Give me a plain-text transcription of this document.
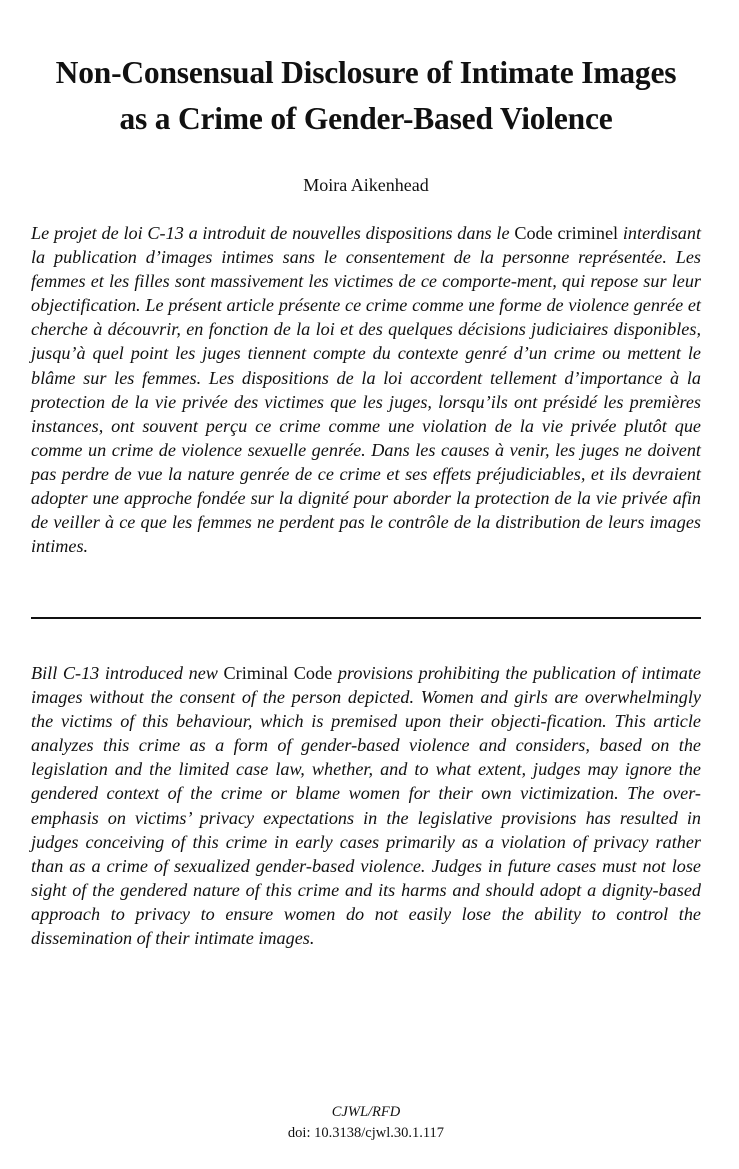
Non-Consensual Disclosure of Intimate Images
as a Crime of Gender-Based Violence
Moira Aikenhead

Le projet de loi C-13 a introduit de nouvelles dispositions dans le Code criminel interdisant la publication d’images intimes sans le consentement de la personne représentée. Les femmes et les filles sont massivement les victimes de ce comporte-ment, qui repose sur leur objectification. Le présent article présente ce crime comme une forme de violence genrée et cherche à découvrir, en fonction de la loi et des quelques décisions judiciaires disponibles, jusqu’à quel point les juges tiennent compte du contexte genré d’un crime ou mettent le blâme sur les femmes. Les dispositions de la loi accordent tellement d’importance à la protection de la vie privée des victimes que les juges, lorsqu’ils ont présidé les premières instances, ont souvent perçu ce crime comme une violation de la vie privée plutôt que comme un crime de violence sexuelle genrée. Dans les causes à venir, les juges ne doivent pas perdre de vue la nature genrée de ce crime et ses effets préjudiciables, et ils devraient adopter une approche fondée sur la dignité pour aborder la protection de la vie privée afin de veiller à ce que les femmes ne perdent pas le contrôle de la distribution de leurs images intimes.

Bill C-13 introduced new Criminal Code provisions prohibiting the publication of intimate images without the consent of the person depicted. Women and girls are overwhelmingly the victims of this behaviour, which is premised upon their objecti-fication. This article analyzes this crime as a form of gender-based violence and considers, based on the legislation and the limited case law, whether, and to what extent, judges may ignore the gendered context of the crime or blame women for their own victimization. The over-emphasis on victims’ privacy expectations in the legislative provisions has resulted in judges conceiving of this crime in early cases primarily as a violation of privacy rather than as a crime of sexualized gender-based violence. Judges in future cases must not lose sight of the gendered nature of this crime and its harms and should adopt a dignity-based approach to privacy to ensure women do not easily lose the ability to control the dissemination of their intimate images.

CJWL/RFD
doi: 10.3138/cjwl.30.1.117
